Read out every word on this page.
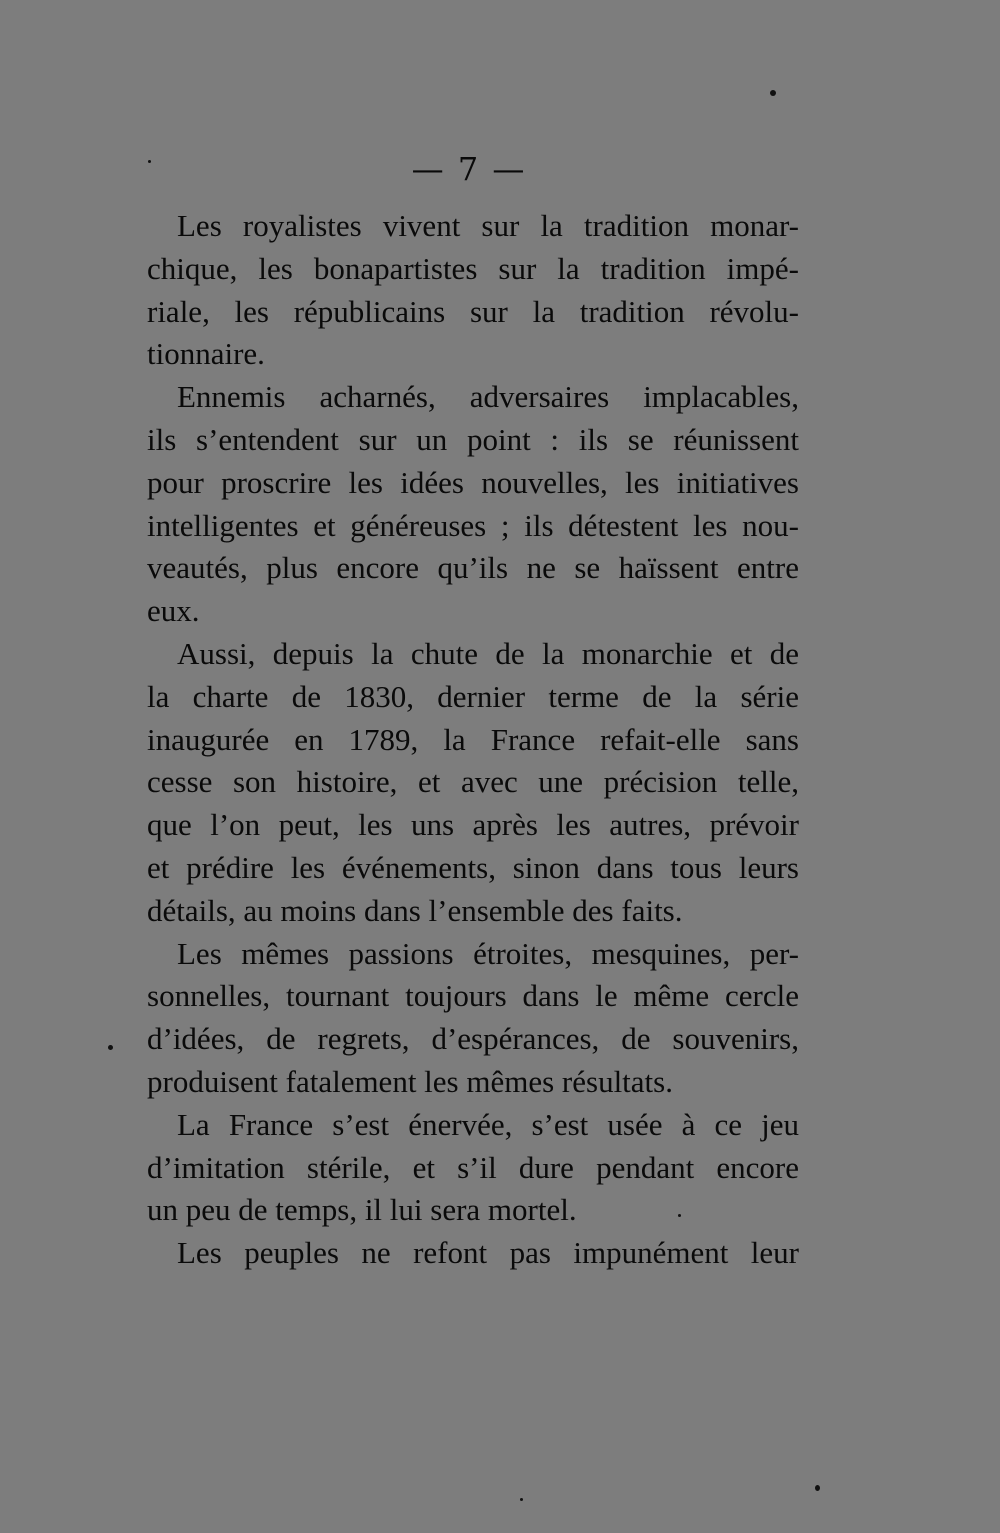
— 7 —
Les royalistes vivent sur la tradition monar-
chique, les bonapartistes sur la tradition impé-
riale, les républicains sur la tradition révolu-
tionnaire.
Ennemis acharnés, adversaires implacables,
ils s’entendent sur un point : ils se réunissent
pour proscrire les idées nouvelles, les initiatives
intelligentes et généreuses ; ils détestent les nou-
veautés, plus encore qu’ils ne se haïssent entre
eux.
Aussi, depuis la chute de la monarchie et de
la charte de 1830, dernier terme de la série
inaugurée en 1789, la France refait-elle sans
cesse son histoire, et avec une précision telle,
que l’on peut, les uns après les autres, prévoir
et prédire les événements, sinon dans tous leurs
détails, au moins dans l’ensemble des faits.
Les mêmes passions étroites, mesquines, per-
sonnelles, tournant toujours dans le même cercle
d’idées, de regrets, d’espérances, de souvenirs,
produisent fatalement les mêmes résultats.
La France s’est énervée, s’est usée à ce jeu
d’imitation stérile, et s’il dure pendant encore
un peu de temps, il lui sera mortel.
Les peuples ne refont pas impunément leur
